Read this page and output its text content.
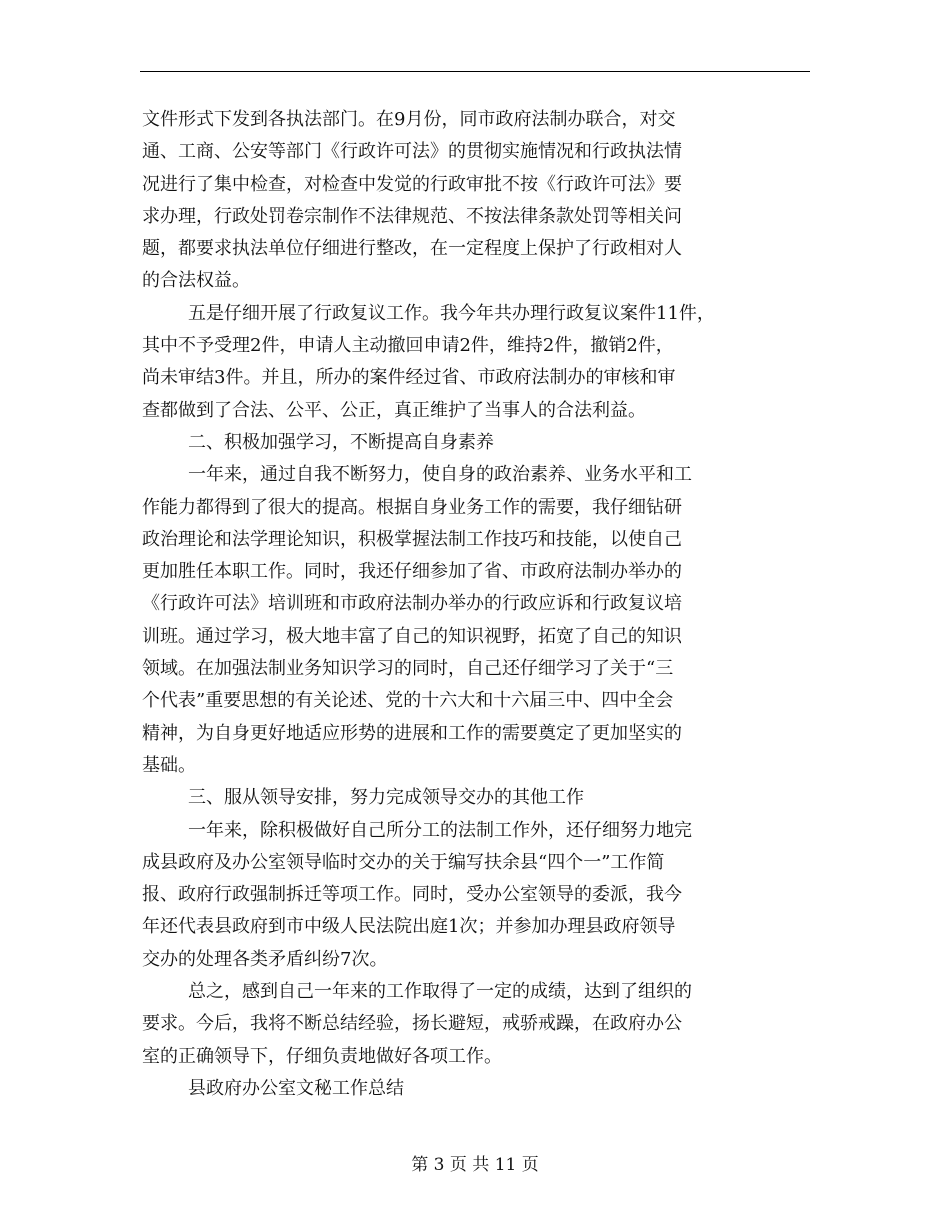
文件形式下发到各执法部门。在9月份，同市政府法制办联合，对交
通、工商、公安等部门《行政许可法》的贯彻实施情况和行政执法情
况进行了集中检查，对检查中发觉的行政审批不按《行政许可法》要
求办理，行政处罚卷宗制作不法律规范、不按法律条款处罚等相关问
题，都要求执法单位仔细进行整改，在一定程度上保护了行政相对人
的合法权益。
五是仔细开展了行政复议工作。我今年共办理行政复议案件11件，
其中不予受理2件，申请人主动撤回申请2件，维持2件，撤销2件，
尚未审结3件。并且，所办的案件经过省、市政府法制办的审核和审
查都做到了合法、公平、公正，真正维护了当事人的合法利益。
二、积极加强学习，不断提高自身素养
一年来，通过自我不断努力，使自身的政治素养、业务水平和工
作能力都得到了很大的提高。根据自身业务工作的需要，我仔细钻研
政治理论和法学理论知识，积极掌握法制工作技巧和技能，以使自己
更加胜任本职工作。同时，我还仔细参加了省、市政府法制办举办的
《行政许可法》培训班和市政府法制办举办的行政应诉和行政复议培
训班。通过学习，极大地丰富了自己的知识视野，拓宽了自己的知识
领域。在加强法制业务知识学习的同时，自己还仔细学习了关于“三
个代表”重要思想的有关论述、党的十六大和十六届三中、四中全会
精神，为自身更好地适应形势的进展和工作的需要奠定了更加坚实的
基础。
三、服从领导安排，努力完成领导交办的其他工作
一年来，除积极做好自己所分工的法制工作外，还仔细努力地完
成县政府及办公室领导临时交办的关于编写扶余县“四个一”工作简
报、政府行政强制拆迁等项工作。同时，受办公室领导的委派，我今
年还代表县政府到市中级人民法院出庭1次；并参加办理县政府领导
交办的处理各类矛盾纠纷7次。
总之，感到自己一年来的工作取得了一定的成绩，达到了组织的
要求。今后，我将不断总结经验，扬长避短，戒骄戒躁，在政府办公
室的正确领导下，仔细负责地做好各项工作。
县政府办公室文秘工作总结
第 3 页 共 11 页
